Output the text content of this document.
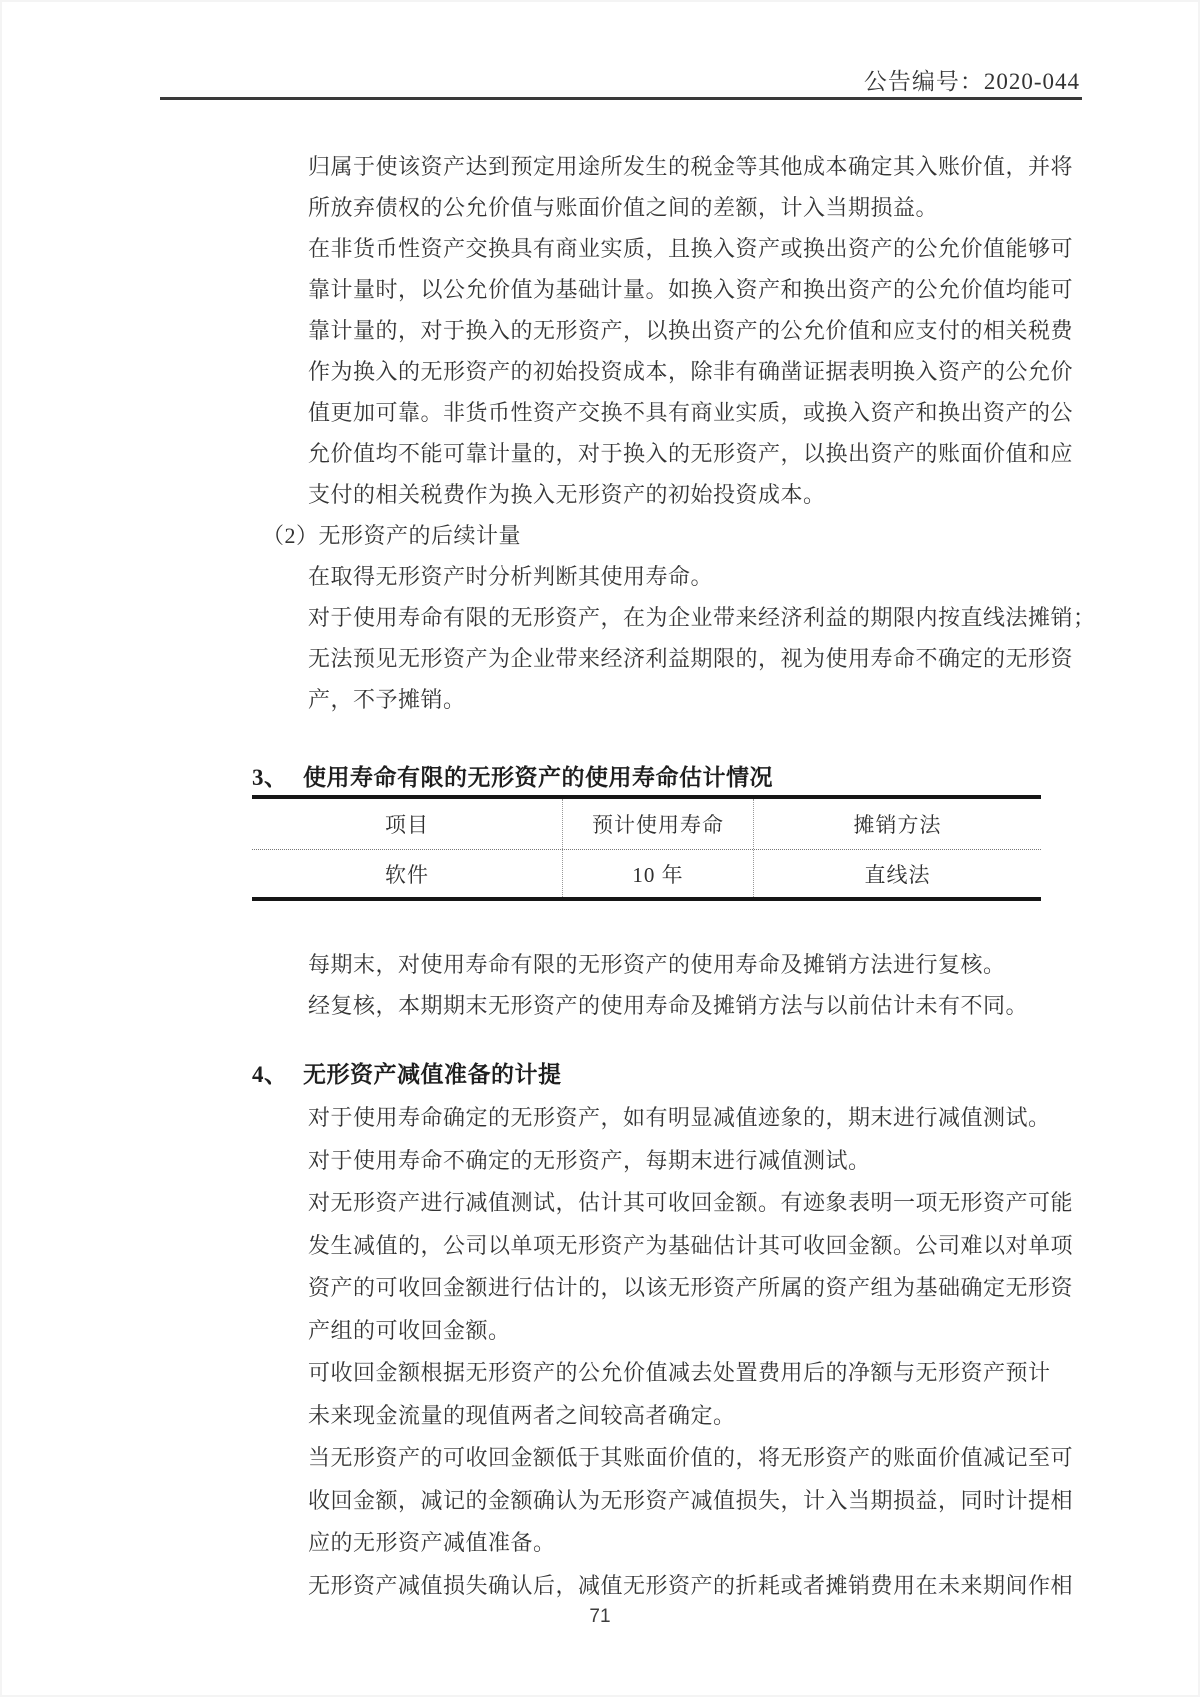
公告编号：2020-044
归属于使该资产达到预定用途所发生的税金等其他成本确定其入账价值，并将
所放弃债权的公允价值与账面价值之间的差额，计入当期损益。
在非货币性资产交换具有商业实质，且换入资产或换出资产的公允价值能够可
靠计量时，以公允价值为基础计量。如换入资产和换出资产的公允价值均能可
靠计量的，对于换入的无形资产，以换出资产的公允价值和应支付的相关税费
作为换入的无形资产的初始投资成本，除非有确凿证据表明换入资产的公允价
值更加可靠。非货币性资产交换不具有商业实质，或换入资产和换出资产的公
允价值均不能可靠计量的，对于换入的无形资产，以换出资产的账面价值和应
支付的相关税费作为换入无形资产的初始投资成本。
（2）无形资产的后续计量
在取得无形资产时分析判断其使用寿命。
对于使用寿命有限的无形资产，在为企业带来经济利益的期限内按直线法摊销；
无法预见无形资产为企业带来经济利益期限的，视为使用寿命不确定的无形资
产，不予摊销。
3、 使用寿命有限的无形资产的使用寿命估计情况
项目	预计使用寿命	摊销方法
软件	10 年	直线法
每期末，对使用寿命有限的无形资产的使用寿命及摊销方法进行复核。
经复核，本期期末无形资产的使用寿命及摊销方法与以前估计未有不同。
4、 无形资产减值准备的计提
对于使用寿命确定的无形资产，如有明显减值迹象的，期末进行减值测试。
对于使用寿命不确定的无形资产，每期末进行减值测试。
对无形资产进行减值测试，估计其可收回金额。有迹象表明一项无形资产可能
发生减值的，公司以单项无形资产为基础估计其可收回金额。公司难以对单项
资产的可收回金额进行估计的，以该无形资产所属的资产组为基础确定无形资
产组的可收回金额。
可收回金额根据无形资产的公允价值减去处置费用后的净额与无形资产预计
未来现金流量的现值两者之间较高者确定。
当无形资产的可收回金额低于其账面价值的，将无形资产的账面价值减记至可
收回金额，减记的金额确认为无形资产减值损失，计入当期损益，同时计提相
应的无形资产减值准备。
无形资产减值损失确认后，减值无形资产的折耗或者摊销费用在未来期间作相
71
